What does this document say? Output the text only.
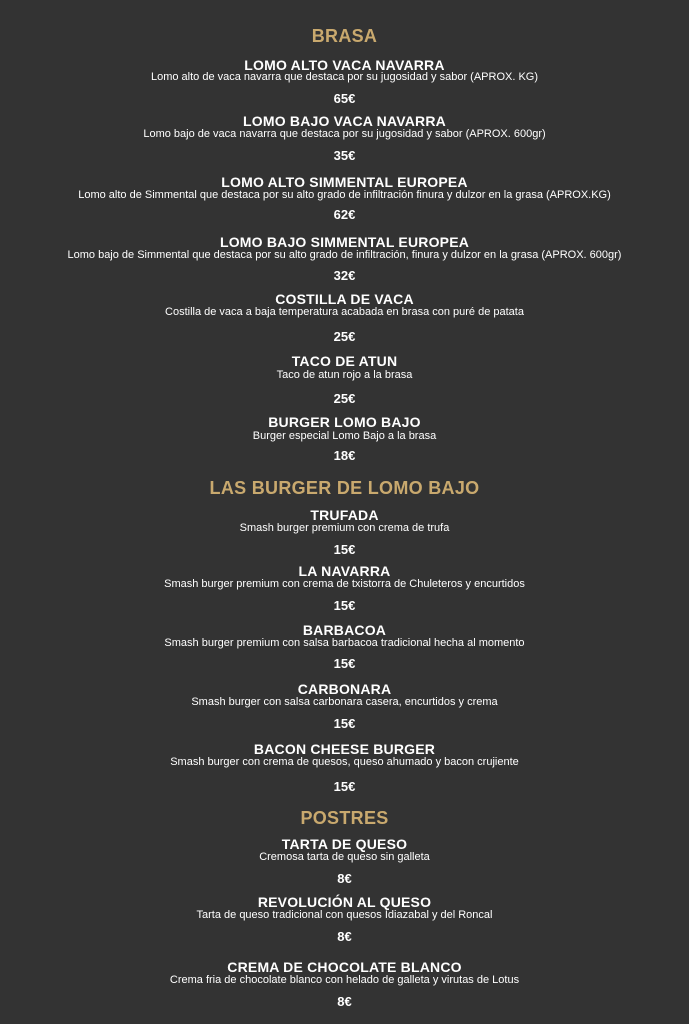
BRASA
LOMO ALTO VACA NAVARRA
Lomo alto de vaca navarra que destaca por su jugosidad y sabor (APROX. KG)
65€
LOMO BAJO VACA NAVARRA
Lomo bajo de vaca navarra que destaca por su jugosidad y sabor (APROX. 600gr)
35€
LOMO ALTO SIMMENTAL EUROPEA
Lomo alto de Simmental que destaca por su alto grado de infiltración finura y dulzor en la grasa (APROX.KG)
62€
LOMO BAJO SIMMENTAL EUROPEA
Lomo bajo de Simmental que destaca por su alto grado de infiltración, finura y dulzor en la grasa (APROX. 600gr)
32€
COSTILLA DE VACA
Costilla de vaca a baja temperatura acabada en brasa con puré de patata
25€
TACO DE ATUN
Taco de atun rojo a la brasa
25€
BURGER LOMO BAJO
Burger especial Lomo Bajo a la brasa
18€
LAS BURGER DE LOMO BAJO
TRUFADA
Smash burger premium con crema de trufa
15€
LA NAVARRA
Smash burger premium con crema de txistorra de Chuleteros y encurtidos
15€
BARBACOA
Smash burger premium con salsa barbacoa tradicional hecha al momento
15€
CARBONARA
Smash burger con salsa carbonara casera, encurtidos y crema
15€
BACON CHEESE BURGER
Smash burger con crema de quesos, queso ahumado y bacon crujiente
15€
POSTRES
TARTA DE QUESO
Cremosa tarta de queso sin galleta
8€
REVOLUCIÓN AL QUESO
Tarta de queso tradicional con quesos Idiazabal y del Roncal
8€
CREMA DE CHOCOLATE BLANCO
Crema fria de chocolate blanco con helado de galleta y virutas de Lotus
8€
